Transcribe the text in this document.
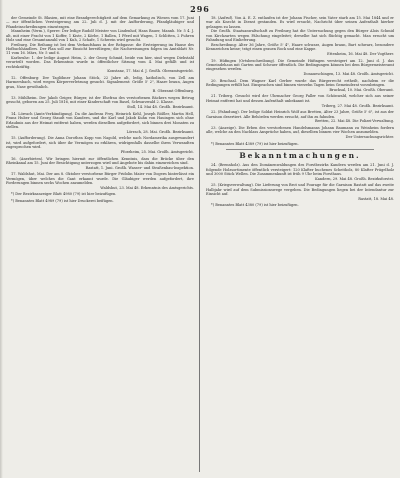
296
der Gemeinde St. Blasien, mit eine Brandgerechtigkeit auf dem Gemarkung zu Wiesen vom 17. Juni — zur öffentlichen Versteigerung am 22. Juli d. J. mit der Aufforderung, Pfandgläubiger und Pfandeinschreibungen einzutragen.
Mannheim (Verm.), Sperre: Der ledige Rudolf Meister von Lindenhof, Hans Bauer, Mannh. Nr. 5 4. J. alt, mit einer Fracht von 1 Koffer, 1 Kiste, 2 Körbe, 1 Ballen, 1 Pferd mit Wagen, 1 Schlitten, 2 Fuhren Holz und eine Gesamtanzahl von 1 Kuh, 2 Schafe, 1 Schwein wird gesucht.
Freiburg. Die Reihung ist bei dem Verkaufshaus in der Rebgasse: die Ersteigerung im Hause des Hofbuchhändlers. Der Plan soll zur Einsicht bereitliegen; die Nachweisungen folgen im Amtsblatt Nr. 11 vom 16. März, Nr. 5 und 6.
Karlsruhe: 1. der ledige August Heim, 2. der Georg Schmid, beide von hier, sind wegen Diebstahl verurteilt worden. Das Erkenntnis wurde in öffentlicher Sitzung vom 4. Mai gefällt und ist rechtskräftig.
Konstanz, 17. Mai d. J. Großh. Oberamtsgericht.
12. Offenburg: Der Taglöhner Johann Stöck, 22 Jahre alt, ledig, katholisch, von Zell am Harmersbach, wird wegen Körperverletzung gesucht. Signalement: Größe 5' 2", Haare braun, Augen grau, Nase gewöhnlich.
B. Oberamt Offenburg.
13. Mühlheim. Der Jakob Geiger, Bürger, ist der Ehefrau des verstorbenen Bäckers wegen Betrug gesucht, geboren am 25. Juli 1816, mit einer Kinderschaft von Basel, Schwarzwald 2. Klasse.
Stoll, 14. Mai 48. Großh. Bezirksamt.
14. Lörrach (Amts-Verkündigung). Da die Andreas Frey, Heinrich Kehl, Joseph Rößler, Martin Hell, Franz Huber und Georg Staudt von Kandern, und die Karl und Jakob Kuhn von Hauingen sich ohne Erlaubnis aus der Heimat entfernt haben, werden dieselben aufgefordert, sich binnen drei Monaten zu stellen.
Lörrach, 28. Mai. Großh. Bezirksamt.
15. (Aufforderung). Die Anna Dorothea Kopp von Nagold, welche nach Nordamerika ausgewandert ist, wird aufgefordert, sich über ihr Vermögen zu erklären, widrigenfalls dasselbe ihren Verwandten zugesprochen wird.
Pforzheim, 25. Mai. Großh. Amtsgericht.
16. (Anerbieten). Wir bringen hiermit zur öffentlichen Kenntnis, dass die Brücke über den Rheinkanal am 15. Juni der Besichtigung unterzogen wird und Angebote bis dahin einzureichen sind.
Rastatt, 1. Juni. Großh. Wasser- und Straßenbau-Inspektion.
17. Waldshut, Mai. Der am 8. Oktober verstorbene Bürger Fridolin Maier von Dogern hinterlässt ein Vermögen, über welches die Gant erkannt wurde. Die Gläubiger werden aufgefordert, ihre Forderungen binnen sechs Wochen anzumelden.
Waldshut, 23. Mai 48. Erkenntnis des Amtsgerichts.
*) Der Bezirksanzeiger Blatt 4980 (79) ist hier beizufügen.
*) Benanntes Blatt 4989 (79) ist hier Druckerei beifügen.
18. (Aufruf). Von A. E. Z. entlaufen ist der Johann Fischer, sein Vater starb am 15. Mai 1844 und er war als Knecht in Dienst gestanden. Es wird ersucht, Nachricht über seinen Aufenthalt hierher gelangen zu lassen.
Die Großh. Staatsanwaltschaft zu Freiburg hat die Untersuchung gegen den Bürger Alois Schmid von Kirchzarten wegen Fälschung eingeleitet; derselbe hat sich flüchtig gemacht. Man ersucht um Fahndung und Einlieferung.
Beschreibung: Alter 36 Jahre, Größe 5' 4", Haare schwarz, Augen braun, Bart schwarz, besondere Kennzeichen keine; trägt einen grauen Rock und eine Kappe.
Ettenheim, 16. Mai 48. Der Vogtherr.
19. Hüfingen (Ortsbeschreibung). Die Gemeinde Hüfingen versteigert am 12. Juni d. J. das Gemeindehaus mit Garten und Scheuer öffentlich. Die Bedingungen können bei dem Bürgermeisteramt eingesehen werden.
Donaueschingen, 13. Mai 48. Großh. Amtsgericht.
20. Bruchsal. Dem Wagner Karl Gerber wurde das Bürgerrecht ertheilt, nachdem er die Bedingungen erfüllt hat. Einsprachen sind binnen vierzehn Tagen beim Gemeinderat vorzubringen.
Bruchsal, 10. Mai. Großh. Oberamt.
21. Triberg. Gesucht wird der Uhrmacher Georg Faller von Schönwald, welcher sich aus seiner Heimat entfernt hat und dessen Aufenthalt unbekannt ist.
Triberg, 27. Mai 48. Großh. Bezirksamt.
22. (Fahndung). Der ledige Soldat Heinrich Wolf aus Bretten, Alter 23 Jahre, Größe 5' 6", ist aus der Garnison desertiert. Alle Behörden werden ersucht, auf ihn zu fahnden.
Bretten, 22. Mai 48. Die Polizei-Verwaltung.
23. (Anzeige). Die Erben des verstorbenen Handelsmanns Johann Baumann zu Weinheim fordern alle, welche an den Nachlass Ansprüche haben, auf, dieselben binnen vier Wochen anzumelden.
Der Untersuchungsrichter.
*) Benanntes Blatt 4389 (79) ist hier beizufügen.
Bekanntmachungen.
24. (Brennholz). Aus den Domänenwaldungen des Forstbezirks Kandern werden am 21. Juni d. J. folgende Holzsortimente öffentlich versteigert: 120 Klafter buchenes Scheitholz, 80 Klafter Prügelholz und 3000 Stück Wellen. Die Zusammenkunft ist früh 9 Uhr beim Forsthaus.
Kandern, 29. Mai 48. Großh. Bezirksforstei.
25. (Kriegsverwaltung). Die Lieferung von Brot und Fourage für die Garnison Rastatt auf das zweite Halbjahr wird auf dem Submissionswege vergeben. Die Bedingungen liegen bei der Intendantur zur Einsicht auf.
Rastatt, 18. Mai 48.
*) Benanntes Blatt 4380 (79) ist hier beizufügen.
